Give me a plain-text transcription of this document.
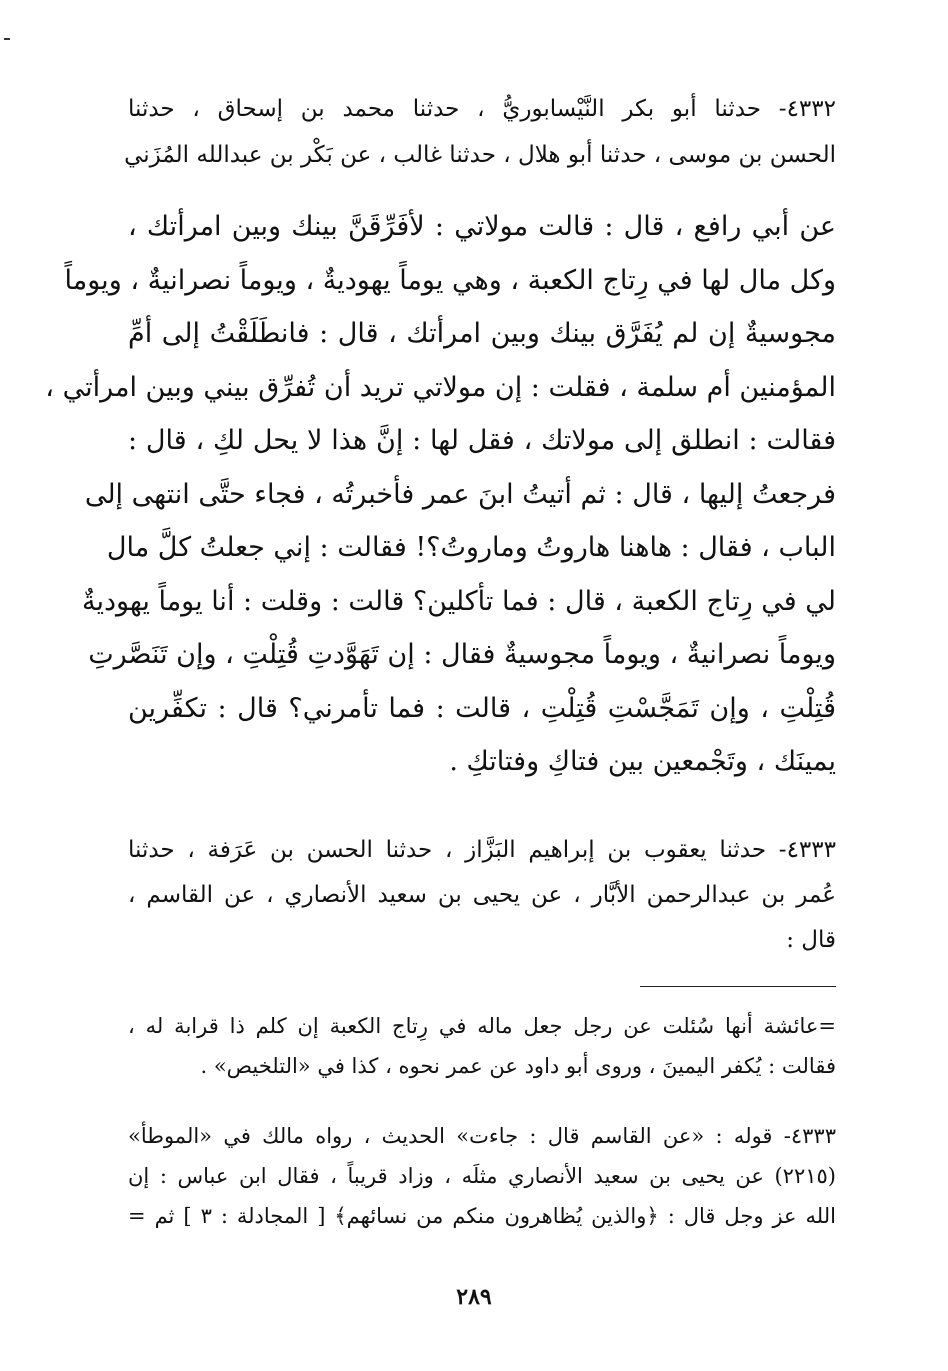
٤٣٣٢- حدثنا أبو بكر النَّيْسابوريُّ ، حدثنا محمد بن إسحاق ، حدثنا
الحسن بن موسى ، حدثنا أبو هلال ، حدثنا غالب ، عن بَكْر بن عبدالله المُزَني
عن أبي رافع ، قال : قالت مولاتي : لأفَرِّقَنَّ بينك وبين امرأتك ،
وكل مال لها في رِتاج الكعبة ، وهي يوماً يهوديةٌ ، ويوماً نصرانيةٌ ، ويوماً
مجوسيةٌ إن لم يُفَرَّق بينك وبين امرأتك ، قال : فانطَلَقْتُ إلى أمِّ
المؤمنين أم سلمة ، فقلت : إن مولاتي تريد أن تُفرِّق بيني وبين امرأتي ،
فقالت : انطلق إلى مولاتك ، فقل لها : إنَّ هذا لا يحل لكِ ، قال :
فرجعتُ إليها ، قال : ثم أتيتُ ابنَ عمر فأخبرتُه ، فجاء حتَّى انتهى إلى
الباب ، فقال : هاهنا هاروتُ وماروتُ؟! فقالت : إني جعلتُ كلَّ مال
لي في رِتاج الكعبة ، قال : فما تأكلين؟ قالت : وقلت : أنا يوماً يهوديةٌ
ويوماً نصرانيةٌ ، ويوماً مجوسيةٌ فقال : إن تَهَوَّدتِ قُتِلْتِ ، وإن تَنَصَّرتِ
قُتِلْتِ ، وإن تَمَجَّسْتِ قُتِلْتِ ، قالت : فما تأمرني؟ قال : تكفِّرين
يمينَك ، وتَجْمعين بين فتاكِ وفتاتكِ .
٤٣٣٣- حدثنا يعقوب بن إبراهيم البَزَّاز ، حدثنا الحسن بن عَرَفة ، حدثنا
عُمر بن عبدالرحمن الأبَّار ، عن يحيى بن سعيد الأنصاري ، عن القاسم ،
قال :
=عائشة أنها سُئلت عن رجل جعل ماله في رِتاج الكعبة إن كلم ذا قرابة له ،
فقالت : يُكفر اليمينَ ، وروى أبو داود عن عمر نحوه ، كذا في «التلخيص» .
٤٣٣٣- قوله : «عن القاسم قال : جاءت» الحديث ، رواه مالك في «الموطأ»
(٢٢١٥) عن يحيى بن سعيد الأنصاري مثلَه ، وزاد قريباً ، فقال ابن عباس : إن
الله عز وجل قال : ﴿والذين يُظاهرون منكم من نسائهم﴾ [ المجادلة : ٣ ] ثم =
٢٨٩
